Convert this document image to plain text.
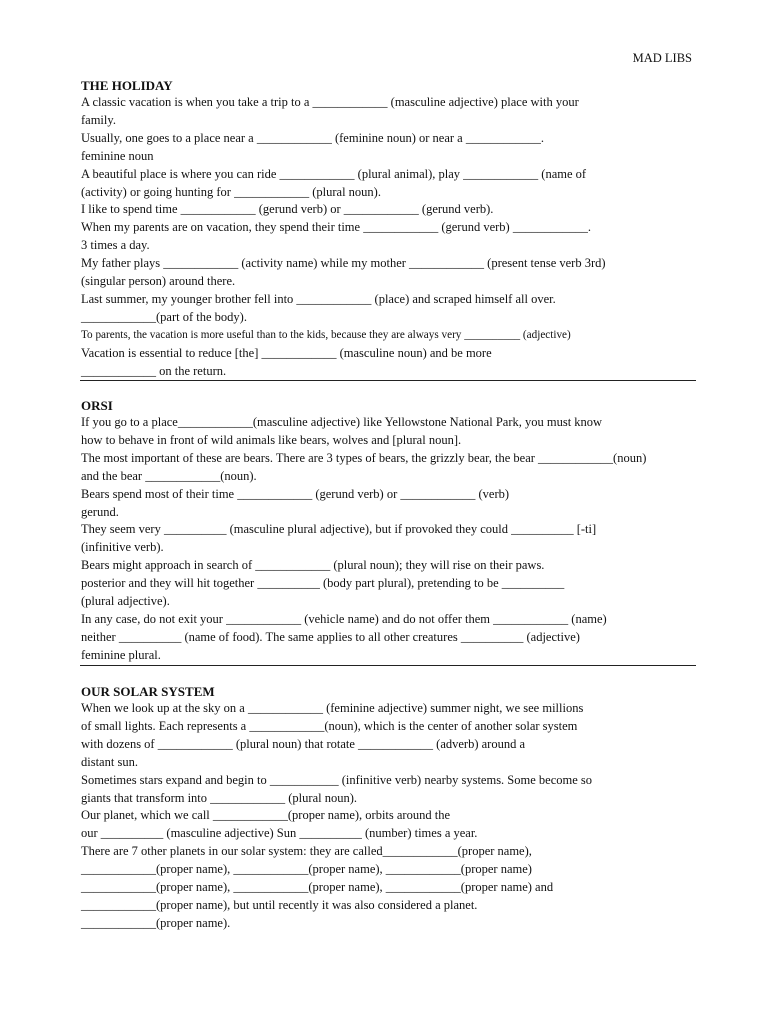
MAD LIBS
THE HOLIDAY
A classic vacation is when you take a trip to a ____________ (masculine adjective) place with your
family.
Usually, one goes to a place near a ____________ (feminine noun) or near a ____________.
feminine noun
A beautiful place is where you can ride ____________ (plural animal), play ____________ (name of
(activity) or going hunting for ____________ (plural noun).
I like to spend time ____________ (gerund verb) or ____________ (gerund verb).
When my parents are on vacation, they spend their time ____________ (gerund verb) ____________.
3 times a day.
My father plays ____________ (activity name) while my mother ____________ (present tense verb 3rd)
(singular person) around there.
Last summer, my younger brother fell into ____________ (place) and scraped himself all over.
____________(part of the body).
To parents, the vacation is more useful than to the kids, because they are always very __________ (adjective)
Vacation is essential to reduce [the] ____________ (masculine noun) and be more
____________ on the return.
ORSI
If you go to a place____________(masculine adjective) like Yellowstone National Park, you must know
how to behave in front of wild animals like bears, wolves and [plural noun].
The most important of these are bears. There are 3 types of bears, the grizzly bear, the bear ____________(noun)
and the bear ____________(noun).
Bears spend most of their time ____________ (gerund verb) or ____________ (verb)
gerund.
They seem very __________ (masculine plural adjective), but if provoked they could __________ [-ti]
(infinitive verb).
Bears might approach in search of ____________ (plural noun); they will rise on their paws.
posterior and they will hit together __________ (body part plural), pretending to be __________
(plural adjective).
In any case, do not exit your ____________ (vehicle name) and do not offer them ____________ (name)
neither __________ (name of food). The same applies to all other creatures __________ (adjective)
feminine plural.
OUR SOLAR SYSTEM
When we look up at the sky on a ____________ (feminine adjective) summer night, we see millions
of small lights. Each represents a ____________(noun), which is the center of another solar system
with dozens of ____________ (plural noun) that rotate ____________ (adverb) around a
distant sun.
Sometimes stars expand and begin to ___________ (infinitive verb) nearby systems. Some become so
giants that transform into ____________ (plural noun).
Our planet, which we call ____________(proper name), orbits around the
our __________ (masculine adjective) Sun __________ (number) times a year.
There are 7 other planets in our solar system: they are called____________(proper name),
____________(proper name), ____________(proper name), ____________(proper name)
____________(proper name), ____________(proper name), ____________(proper name) and
____________(proper name), but until recently it was also considered a planet.
____________(proper name).
